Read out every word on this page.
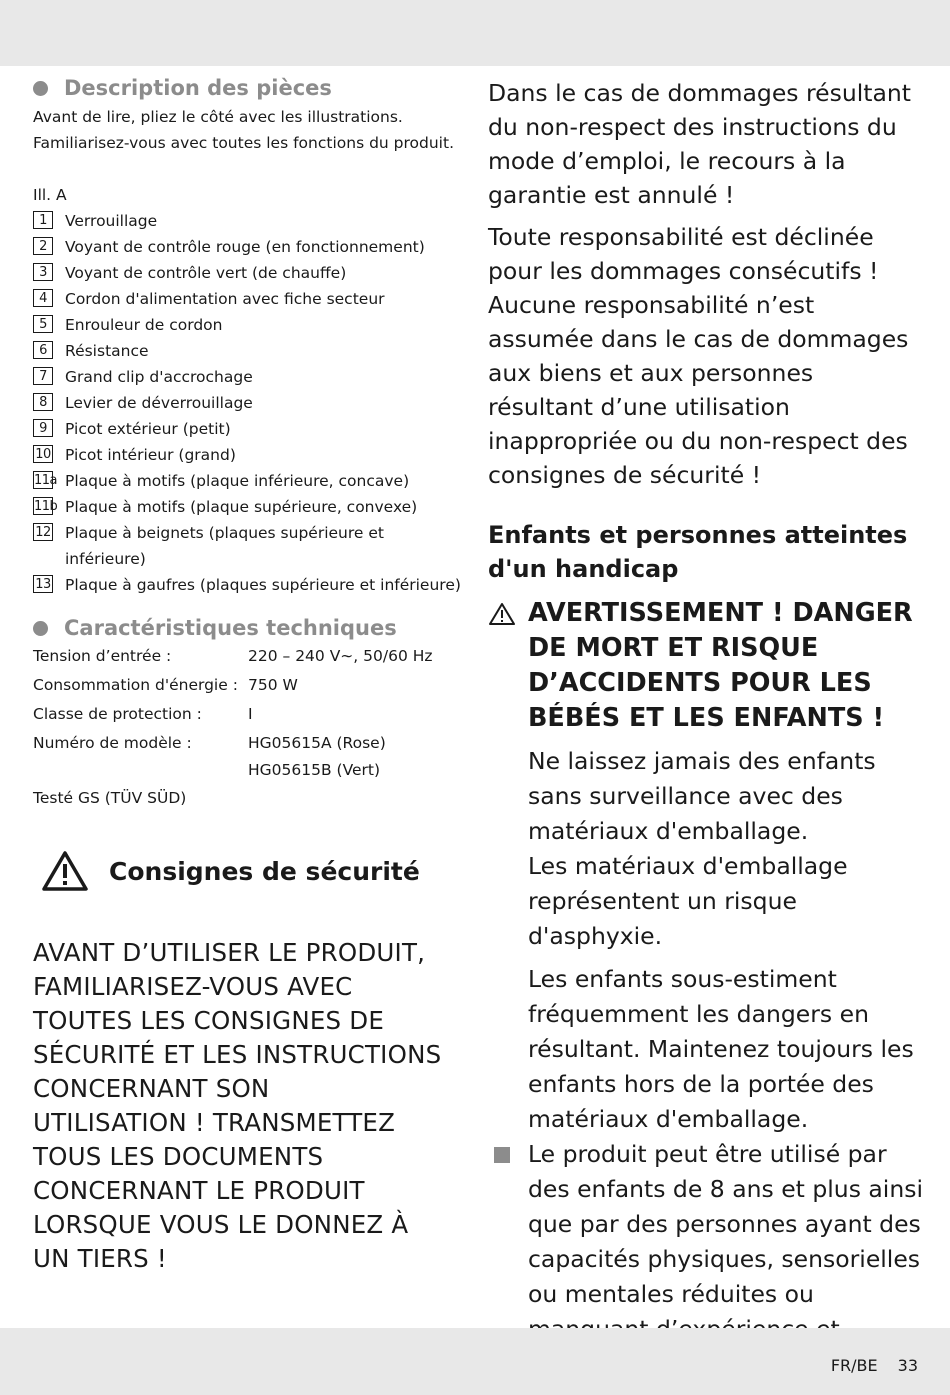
Description des pièces
Avant de lire, pliez le côté avec les illustrations.
Familiarisez-vous avec toutes les fonctions du produit.
Ill. A
1	Verrouillage
2	Voyant de contrôle rouge (en fonctionnement)
3	Voyant de contrôle vert (de chauffe)
4	Cordon d'alimentation avec fiche secteur
5	Enrouleur de cordon
6	Résistance
7	Grand clip d'accrochage
8	Levier de déverrouillage
9	Picot extérieur (petit)
10 Picot intérieur (grand)
11a Plaque à motifs (plaque inférieure, concave)
11b Plaque à motifs (plaque supérieure, convexe)
12 Plaque à beignets (plaques supérieure et inférieure)
13 Plaque à gaufres (plaques supérieure et inférieure)
Caractéristiques techniques
Tension d’entrée :	220 – 240 V∼, 50/60 Hz
Consommation d'énergie : 750 W
Classe de protection :	I
Numéro de modèle :	HG05615A (Rose)
HG05615B (Vert)
Testé GS (TÜV SÜD)
Consignes de sécurité
AVANT D’UTILISER LE PRODUIT,
FAMILIARISEZ-VOUS AVEC
TOUTES LES CONSIGNES DE
SÉCURITÉ ET LES INSTRUCTIONS
CONCERNANT SON
UTILISATION ! TRANSMETTEZ
TOUS LES DOCUMENTS
CONCERNANT LE PRODUIT
LORSQUE VOUS LE DONNEZ À
UN TIERS !

Dans le cas de dommages résultant du non-respect des instructions du mode d’emploi, le recours à la garantie est annulé !

Toute responsabilité est déclinée pour les dommages consécutifs ! Aucune responsabilité n’est assumée dans le cas de dommages aux biens et aux personnes résultant d’une utilisation inappropriée ou du non-respect des consignes de sécurité !

Enfants et personnes atteintes d'un handicap
AVERTISSEMENT ! DANGER DE MORT ET RISQUE D’ACCIDENTS POUR LES BÉBÉS ET LES ENFANTS !
Ne laissez jamais des enfants sans surveillance avec des matériaux d'emballage.
Les matériaux d'emballage représentent un risque d'asphyxie.
Les enfants sous-estiment fréquemment les dangers en résultant. Maintenez toujours les enfants hors de la portée des matériaux d'emballage.
Le produit peut être utilisé par des enfants de 8 ans et plus ainsi que par des personnes ayant des capacités physiques, sensorielles ou mentales réduites ou
FR/BE 33
